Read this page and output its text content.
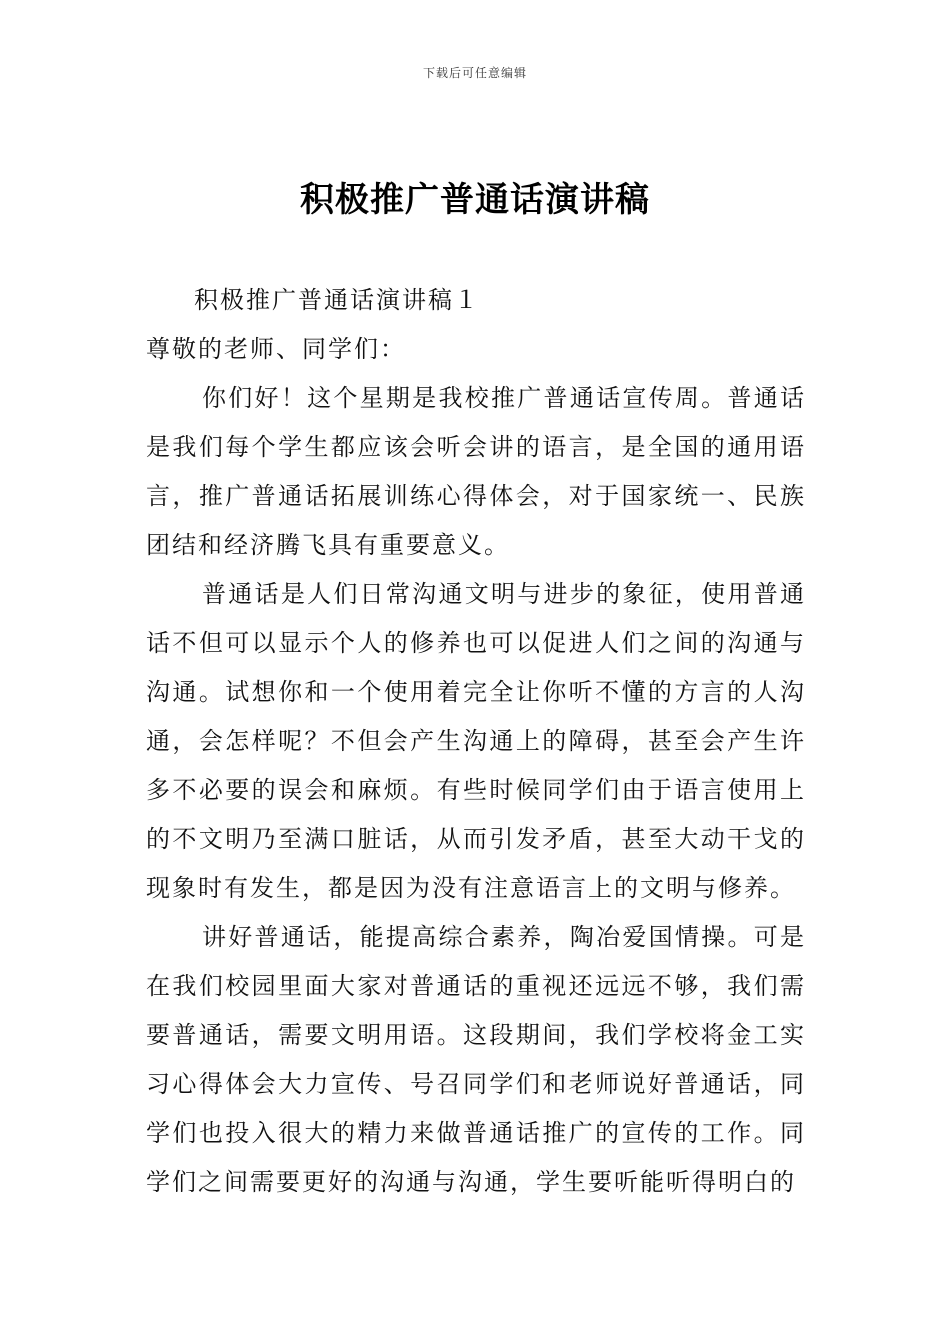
下载后可任意编辑
积极推广普通话演讲稿

积极推广普通话演讲稿１

尊敬的老师、同学们：

你们好！这个星期是我校推广普通话宣传周。普通话是我们每个学生都应该会听会讲的语言，是全国的通用语言，推广普通话拓展训练心得体会，对于国家统一、民族团结和经济腾飞具有重要意义。

普通话是人们日常沟通文明与进步的象征，使用普通话不但可以显示个人的修养也可以促进人们之间的沟通与沟通。试想你和一个使用着完全让你听不懂的方言的人沟通，会怎样呢？不但会产生沟通上的障碍，甚至会产生许多不必要的误会和麻烦。有些时候同学们由于语言使用上的不文明乃至满口脏话，从而引发矛盾，甚至大动干戈的现象时有发生，都是因为没有注意语言上的文明与修养。

讲好普通话，能提高综合素养，陶冶爱国情操。可是在我们校园里面大家对普通话的重视还远远不够，我们需要普通话，需要文明用语。这段期间，我们学校将金工实习心得体会大力宣传、号召同学们和老师说好普通话，同学们也投入很大的精力来做普通话推广的宣传的工作。同学们之间需要更好的沟通与沟通，学生要听能听得明白的
